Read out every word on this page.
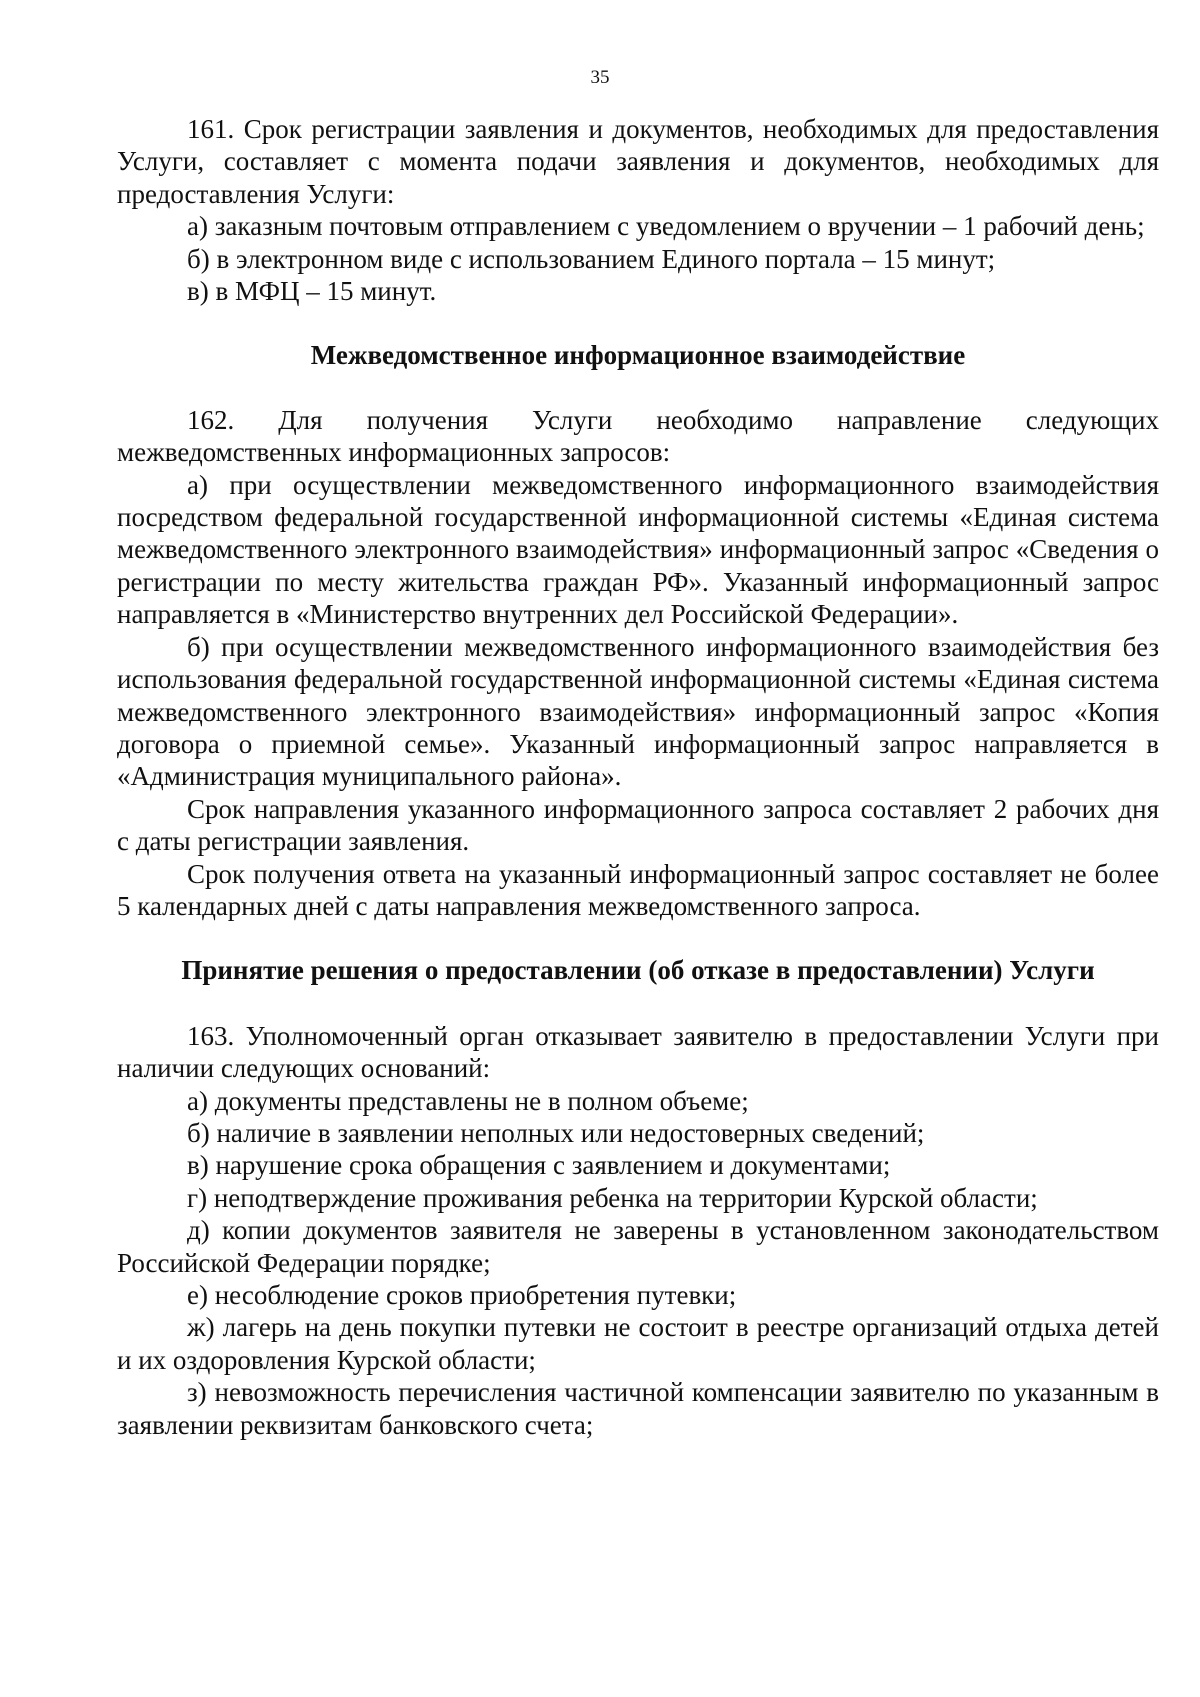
35

161. Срок регистрации заявления и документов, необходимых для предоставления Услуги, составляет с момента подачи заявления и документов, необходимых для предоставления Услуги:

а) заказным почтовым отправлением с уведомлением о вручении – 1 рабочий день;

б) в электронном виде с использованием Единого портала – 15 минут;

в) в МФЦ – 15 минут.

Межведомственное информационное взаимодействие

162. Для получения Услуги необходимо направление следующих межведомственных информационных запросов:

а) при осуществлении межведомственного информационного взаимодействия посредством федеральной государственной информационной системы «Единая система межведомственного электронного взаимодействия» информационный запрос «Сведения о регистрации по месту жительства граждан РФ». Указанный информационный запрос направляется в «Министерство внутренних дел Российской Федерации».

б) при осуществлении межведомственного информационного взаимодействия без использования федеральной государственной информационной системы «Единая система межведомственного электронного взаимодействия» информационный запрос «Копия договора о приемной семье». Указанный информационный запрос направляется в «Администрация муниципального района».

Срок направления указанного информационного запроса составляет 2 рабочих дня с даты регистрации заявления.

Срок получения ответа на указанный информационный запрос составляет не более 5 календарных дней с даты направления межведомственного запроса.

Принятие решения о предоставлении (об отказе в предоставлении) Услуги

163. Уполномоченный орган отказывает заявителю в предоставлении Услуги при наличии следующих оснований:

а) документы представлены не в полном объеме;

б) наличие в заявлении неполных или недостоверных сведений;

в) нарушение срока обращения с заявлением и документами;

г) неподтверждение проживания ребенка на территории Курской области;

д) копии документов заявителя не заверены в установленном законодательством Российской Федерации порядке;

е) несоблюдение сроков приобретения путевки;

ж) лагерь на день покупки путевки не состоит в реестре организаций отдыха детей и их оздоровления Курской области;

з) невозможность перечисления частичной компенсации заявителю по указанным в заявлении реквизитам банковского счета;
